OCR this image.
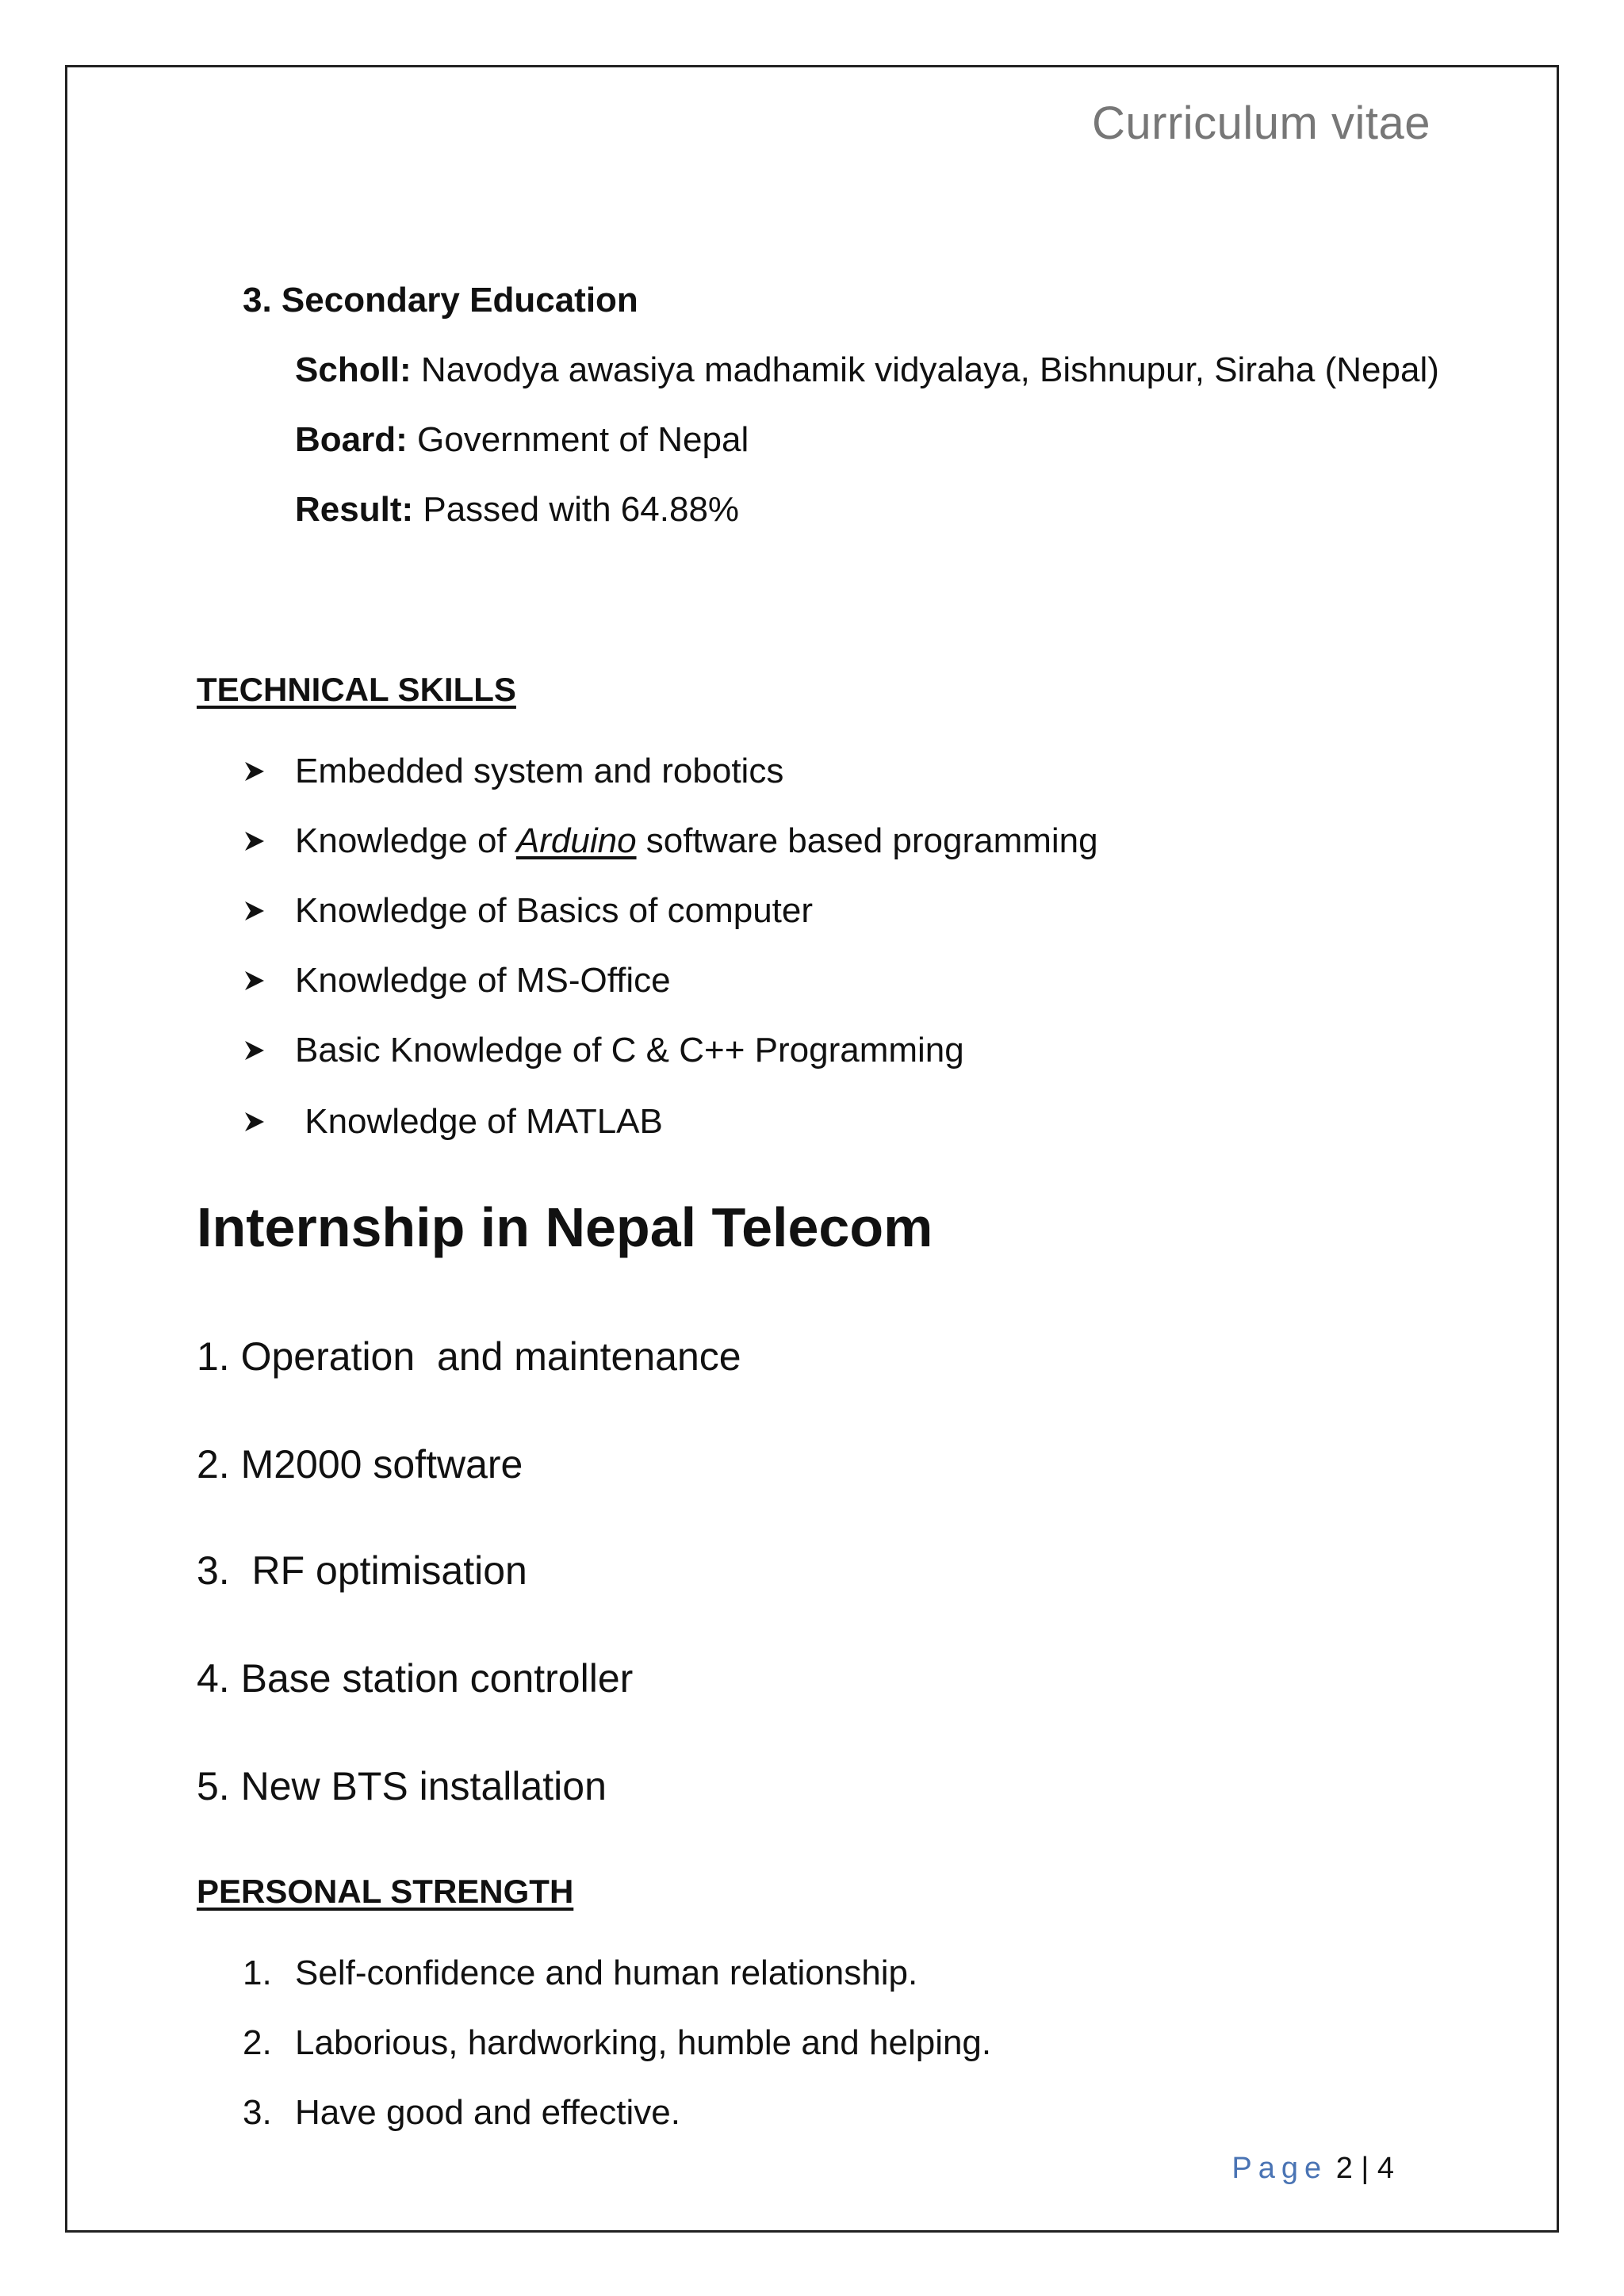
Curriculum vitae
3. Secondary Education
Scholl: Navodya awasiya madhamik vidyalaya, Bishnupur, Siraha (Nepal)
Board: Government of Nepal
Result: Passed with 64.88%
TECHNICAL SKILLS
Embedded system and robotics
Knowledge of Arduino software based programming
Knowledge of Basics of computer
Knowledge of MS-Office
Basic Knowledge of C & C++ Programming
Knowledge of MATLAB
Internship in Nepal Telecom
1. Operation  and maintenance
2. M2000 software
3.  RF optimisation
4. Base station controller
5. New BTS installation
PERSONAL STRENGTH
1. Self-confidence and human relationship.
2. Laborious, hardworking, humble and helping.
3. Have good and effective.
Page 2 | 4
